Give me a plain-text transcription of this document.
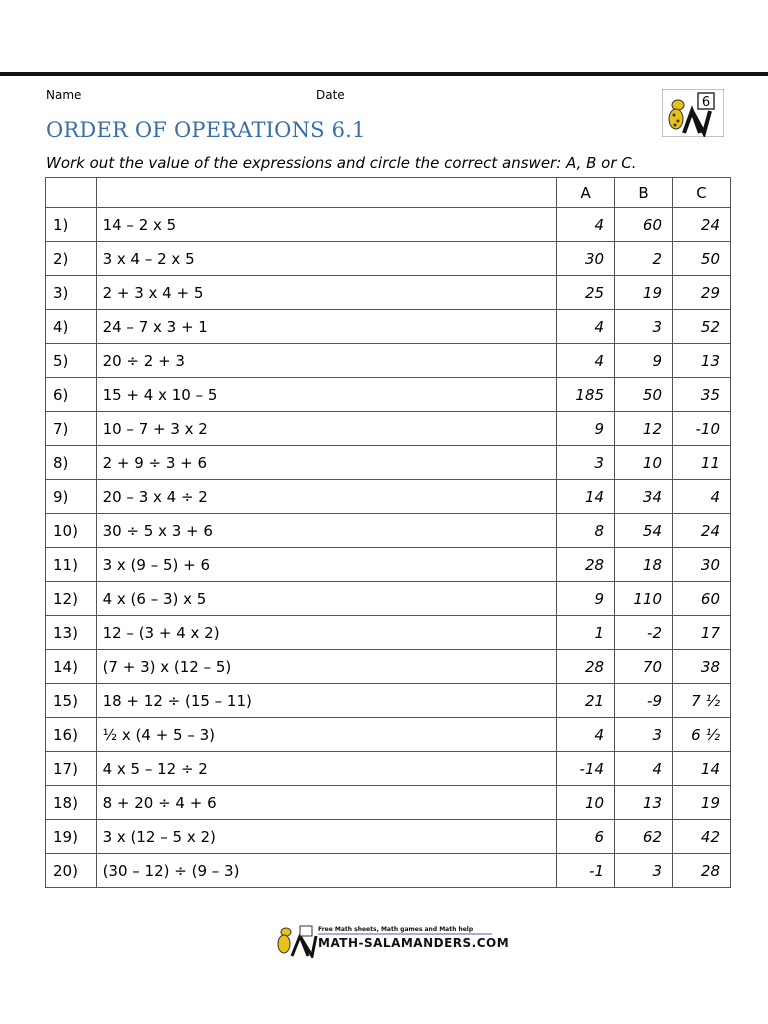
Name	Date	6
ORDER OF OPERATIONS 6.1

Work out the value of the expressions and circle the correct answer: A, B or C.

		A	B	C
1)	14 – 2 x 5	4	60	24
2)	3 x 4 – 2 x 5	30	2	50
3)	2 + 3 x 4 + 5	25	19	29
4)	24 – 7 x 3 + 1	4	3	52
5)	20 ÷ 2 + 3	4	9	13
6)	15 + 4 x 10 – 5	185	50	35
7)	10 – 7 + 3 x 2	9	12	-10
8)	2 + 9 ÷ 3 + 6	3	10	11
9)	20 – 3 x 4 ÷ 2	14	34	4
10)	30 ÷ 5 x 3 + 6	8	54	24
11)	3 x (9 – 5) + 6	28	18	30
12)	4 x (6 – 3) x 5	9	110	60
13)	12 – (3 + 4 x 2)	1	-2	17
14)	(7 + 3) x (12 – 5)	28	70	38
15)	18 + 12 ÷ (15 – 11)	21	-9	7 ½
16)	½ x (4 + 5 – 3)	4	3	6 ½
17)	4 x 5 – 12 ÷ 2	-14	4	14
18)	8 + 20 ÷ 4 + 6	10	13	19
19)	3 x (12 – 5 x 2)	6	62	42
20)	(30 – 12) ÷ (9 – 3)	-1	3	28
Free Math sheets, Math games and Math help
MATH-SALAMANDERS.COM
